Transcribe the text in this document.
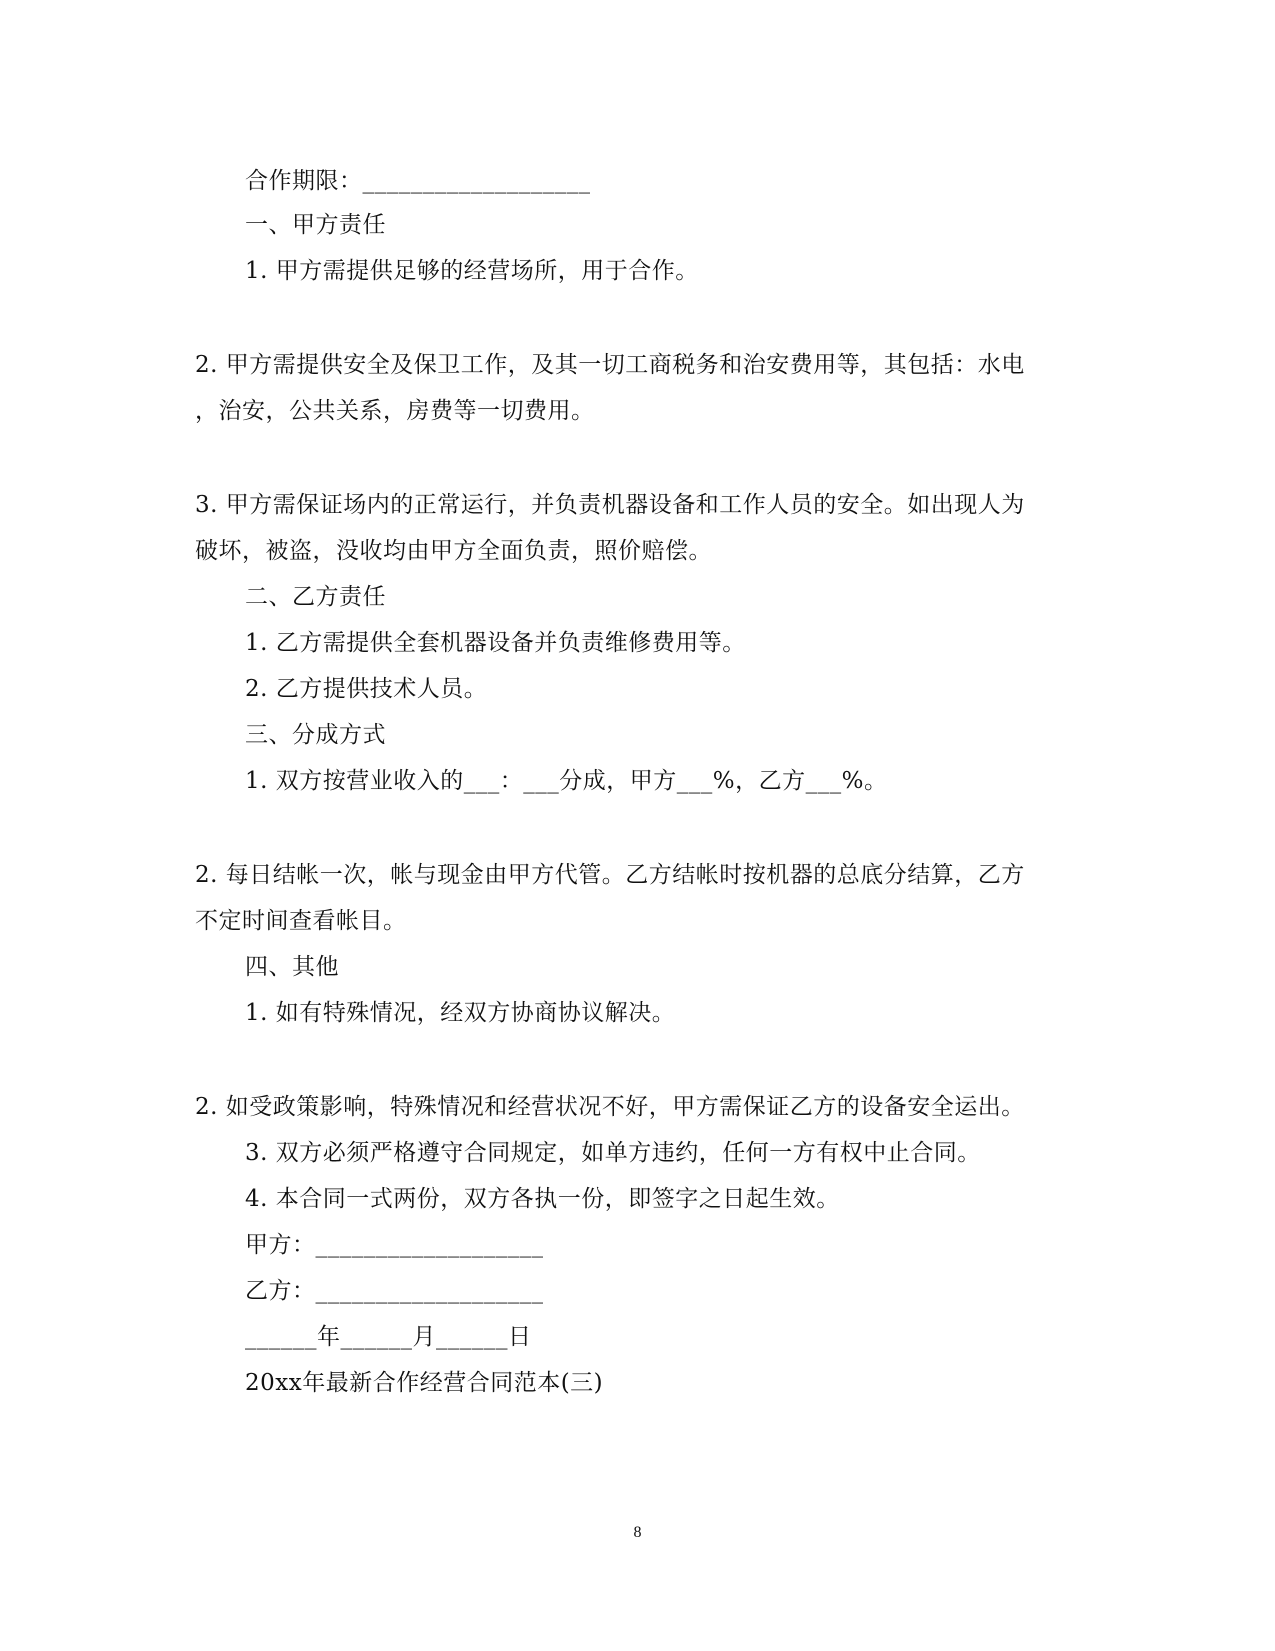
合作期限：___________________
一、甲方责任
1. 甲方需提供足够的经营场所，用于合作。
2. 甲方需提供安全及保卫工作，及其一切工商税务和治安费用等，其包括：水电
，治安，公共关系，房费等一切费用。
3. 甲方需保证场内的正常运行，并负责机器设备和工作人员的安全。如出现人为
破坏，被盗，没收均由甲方全面负责，照价赔偿。
二、乙方责任
1. 乙方需提供全套机器设备并负责维修费用等。
2. 乙方提供技术人员。
三、分成方式
1. 双方按营业收入的___：___分成，甲方___%，乙方___%。
2. 每日结帐一次，帐与现金由甲方代管。乙方结帐时按机器的总底分结算，乙方
不定时间查看帐目。
四、其他
1. 如有特殊情况，经双方协商协议解决。
2. 如受政策影响，特殊情况和经营状况不好，甲方需保证乙方的设备安全运出。
3. 双方必须严格遵守合同规定，如单方违约，任何一方有权中止合同。
4. 本合同一式两份，双方各执一份，即签字之日起生效。
甲方：___________________
乙方：___________________
______年______月______日
20xx年最新合作经营合同范本(三)
8
